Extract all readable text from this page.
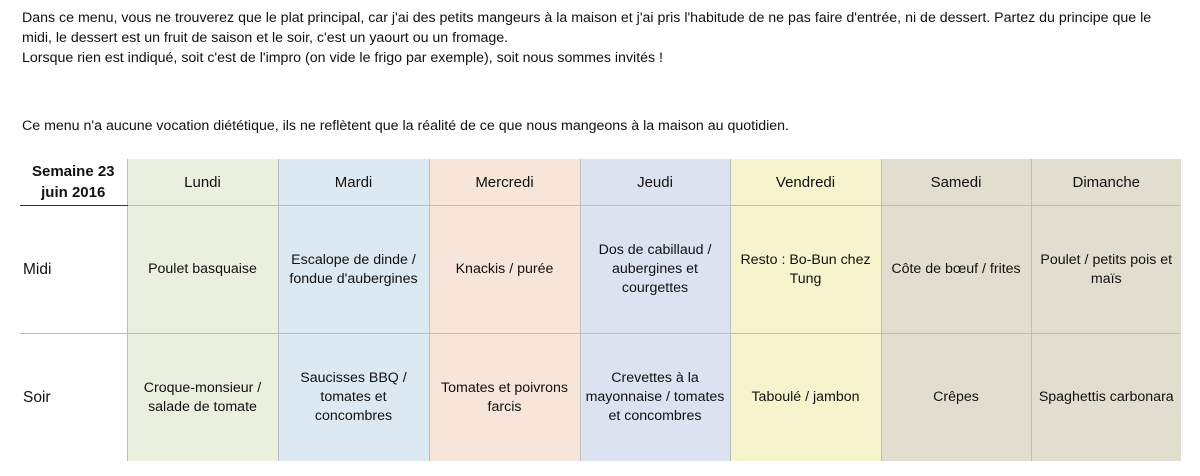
Dans ce menu, vous ne trouverez que le plat principal, car j'ai des petits mangeurs à la maison et j'ai pris l'habitude de ne pas faire d'entrée, ni de dessert. Partez du principe que le midi, le dessert est un fruit de saison et le soir, c'est un yaourt ou un fromage.

Lorsque rien est indiqué, soit c'est de l'impro (on vide le frigo par exemple), soit nous sommes invités !

Ce menu n'a aucune vocation diététique, ils ne reflètent que la réalité de ce que nous mangeons à la maison au quotidien.
Semaine 23
juin 2016	Lundi	Mardi	Mercredi	Jeudi	Vendredi	Samedi	Dimanche
Midi	Poulet basquaise	Escalope de dinde / fondue d'aubergines	Knackis / purée	Dos de cabillaud / aubergines et courgettes	Resto : Bo-Bun chez Tung	Côte de bœuf / frites	Poulet / petits pois et maïs
Soir	Croque-monsieur / salade de tomate	Saucisses BBQ / tomates et concombres	Tomates et poivrons farcis	Crevettes à la mayonnaise / tomates et concombres	Taboulé / jambon	Crêpes	Spaghettis carbonara
